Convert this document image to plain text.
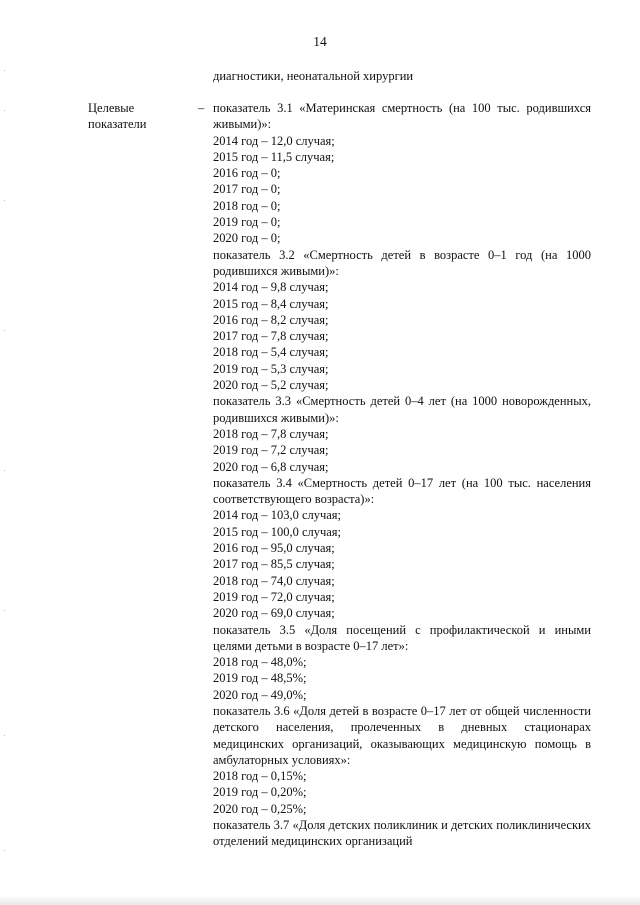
14
диагностики, неонатальной хирургии
Целевые
показатели
– показатель 3.1 «Материнская смертность (на 100 тыс. родившихся живыми)»:

2014 год – 12,0 случая;
2015 год – 11,5 случая;
2016 год – 0;
2017 год – 0;
2018 год – 0;
2019 год – 0;
2020 год – 0;

показатель 3.2 «Смертность детей в возрасте 0–1 год (на 1000 родившихся живыми)»:

2014 год – 9,8 случая;
2015 год – 8,4 случая;
2016 год – 8,2 случая;
2017 год – 7,8 случая;
2018 год – 5,4 случая;
2019 год – 5,3 случая;
2020 год – 5,2 случая;

показатель 3.3 «Смертность детей 0–4 лет (на 1000 новорожденных, родившихся живыми)»:

2018 год – 7,8 случая;
2019 год – 7,2 случая;
2020 год – 6,8 случая;

показатель 3.4 «Смертность детей 0–17 лет (на 100 тыс. населения соответствующего возраста)»:

2014 год – 103,0 случая;
2015 год – 100,0 случая;
2016 год – 95,0 случая;
2017 год – 85,5 случая;
2018 год – 74,0 случая;
2019 год – 72,0 случая;
2020 год – 69,0 случая;

показатель 3.5 «Доля посещений с профилактической и иными целями детьми в возрасте 0–17 лет»:

2018 год – 48,0%;
2019 год – 48,5%;
2020 год – 49,0%;

показатель 3.6 «Доля детей в возрасте 0–17 лет от общей численности детского населения, пролеченных в дневных стационарах медицинских организаций, оказывающих медицинскую помощь в амбулаторных условиях»:

2018 год – 0,15%;
2019 год – 0,20%;
2020 год – 0,25%;

показатель 3.7 «Доля детских поликлиник и детских поликлинических отделений медицинских организаций
